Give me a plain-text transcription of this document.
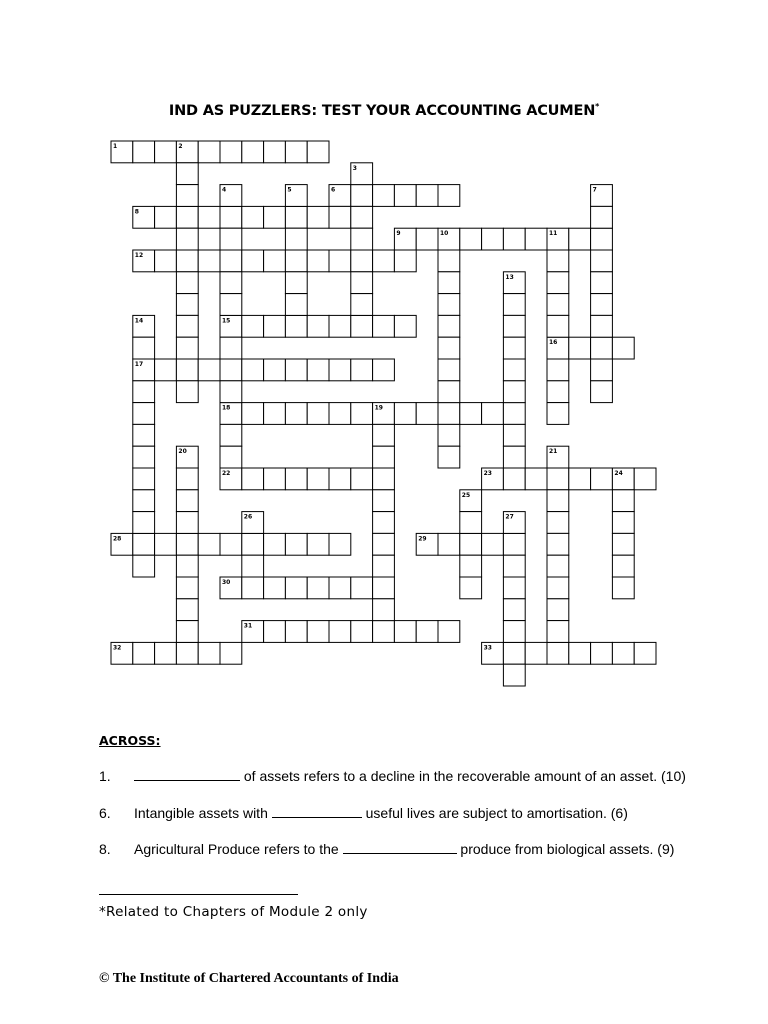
IND AS PUZZLERS: TEST YOUR ACCOUNTING ACUMEN*
1
6
8
9
12
15
16
17
18
22	23
28	29
30
31
32	33
2
3
4	5	7
10	11
13
14
19
20	21
24
25
26	27
ACROSS:
1.	of assets refers to a decline in the recoverable amount of an asset. (10)
6. Intangible assets with	useful lives are subject to amortisation. (6)
8. Agricultural Produce refers to the	produce from biological assets. (9)
*Related to Chapters of Module 2 only
© The Institute of Chartered Accountants of India
